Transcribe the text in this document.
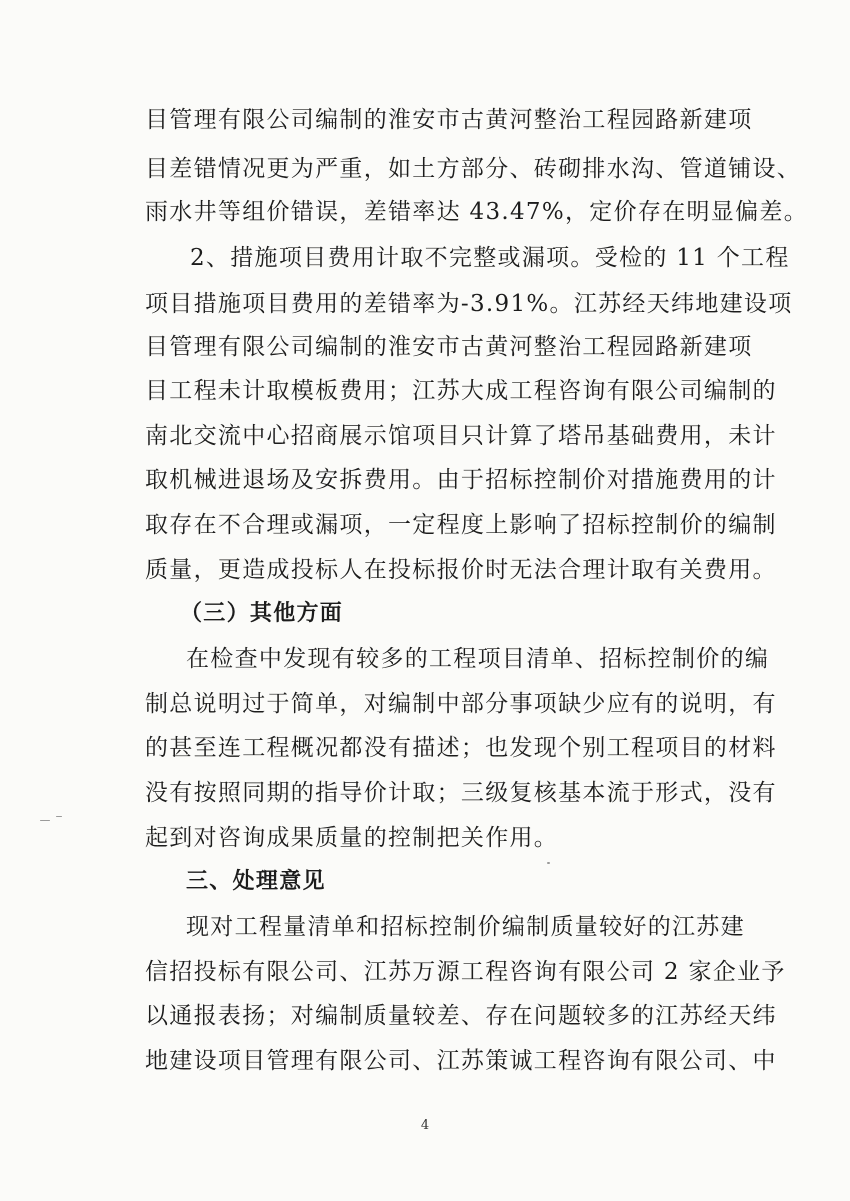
目管理有限公司编制的淮安市古黄河整治工程园路新建项
目差错情况更为严重，如土方部分、砖砌排水沟、管道铺设、
雨水井等组价错误，差错率达 43.47%，定价存在明显偏差。
2、措施项目费用计取不完整或漏项。受检的 11 个工程
项目措施项目费用的差错率为-3.91%。江苏经天纬地建设项
目管理有限公司编制的淮安市古黄河整治工程园路新建项
目工程未计取模板费用；江苏大成工程咨询有限公司编制的
南北交流中心招商展示馆项目只计算了塔吊基础费用，未计
取机械进退场及安拆费用。由于招标控制价对措施费用的计
取存在不合理或漏项，一定程度上影响了招标控制价的编制
质量，更造成投标人在投标报价时无法合理计取有关费用。
（三）其他方面
在检查中发现有较多的工程项目清单、招标控制价的编
制总说明过于简单，对编制中部分事项缺少应有的说明，有
的甚至连工程概况都没有描述；也发现个别工程项目的材料
没有按照同期的指导价计取；三级复核基本流于形式，没有
起到对咨询成果质量的控制把关作用。
三、处理意见
现对工程量清单和招标控制价编制质量较好的江苏建
信招投标有限公司、江苏万源工程咨询有限公司 2 家企业予
以通报表扬；对编制质量较差、存在问题较多的江苏经天纬
地建设项目管理有限公司、江苏策诚工程咨询有限公司、中
4
